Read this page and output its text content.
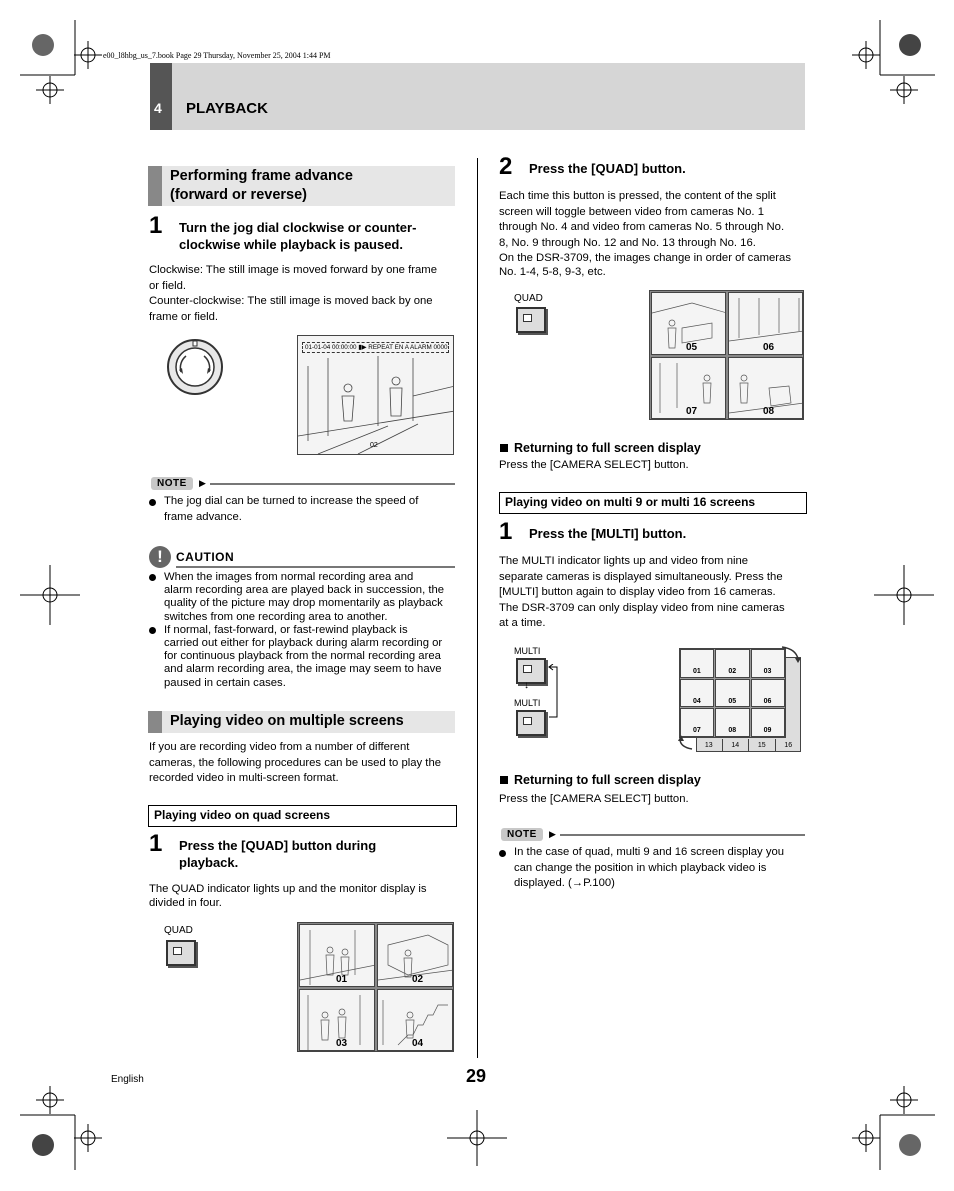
e00_l8hbg_us_7.book Page 29 Thursday, November 25, 2004 1:44 PM
4 PLAYBACK
Performing frame advance
(forward or reverse)
1 Turn the jog dial clockwise or counter-
clockwise while playback is paused.
Clockwise: The still image is moved forward by one frame
or field.
Counter-clockwise: The still image is moved back by one
frame or field.
01-01-04 00:00:00 ▮▶ REPEAT EN A ALARM 0000
02
NOTE	▶
The jog dial can be turned to increase the speed of
frame advance.
!	CAUTION
When the images from normal recording area and
alarm recording area are played back in succession, the
quality of the picture may drop momentarily as playback
switches from one recording area to another.
If normal, fast-forward, or fast-rewind playback is
carried out either for playback during alarm recording or
for continuous playback from the normal recording area
and alarm recording area, the image may seem to have
paused in certain cases.
Playing video on multiple screens
If you are recording video from a number of different
cameras, the following procedures can be used to play the
recorded video in multi-screen format.
Playing video on quad screens
1 Press the [QUAD] button during
playback.
The QUAD indicator lights up and the monitor display is
divided in four.
QUAD
01	02
03	04
2 Press the [QUAD] button.
Each time this button is pressed, the content of the split
screen will toggle between video from cameras No. 1
through No. 4 and video from cameras No. 5 through No.
8, No. 9 through No. 12 and No. 13 through No. 16.
On the DSR-3709, the images change in order of cameras
No. 1-4, 5-8, 9-3, etc.
QUAD
05	06
07	08
Returning to full screen display
Press the [CAMERA SELECT] button.
Playing video on multi 9 or multi 16 screens
1 Press the [MULTI] button.
The MULTI indicator lights up and video from nine
separate cameras is displayed simultaneously. Press the
[MULTI] button again to display video from 16 cameras.
The DSR-3709 can only display video from nine cameras
at a time.
MULTI
↓
MULTI
01	02	03
04	05	06
07	08	09
13	14	15	16
Returning to full screen display
Press the [CAMERA SELECT] button.
NOTE	▶
In the case of quad, multi 9 and 16 screen display you
can change the position in which playback video is
displayed. (→P.100)
English	29
